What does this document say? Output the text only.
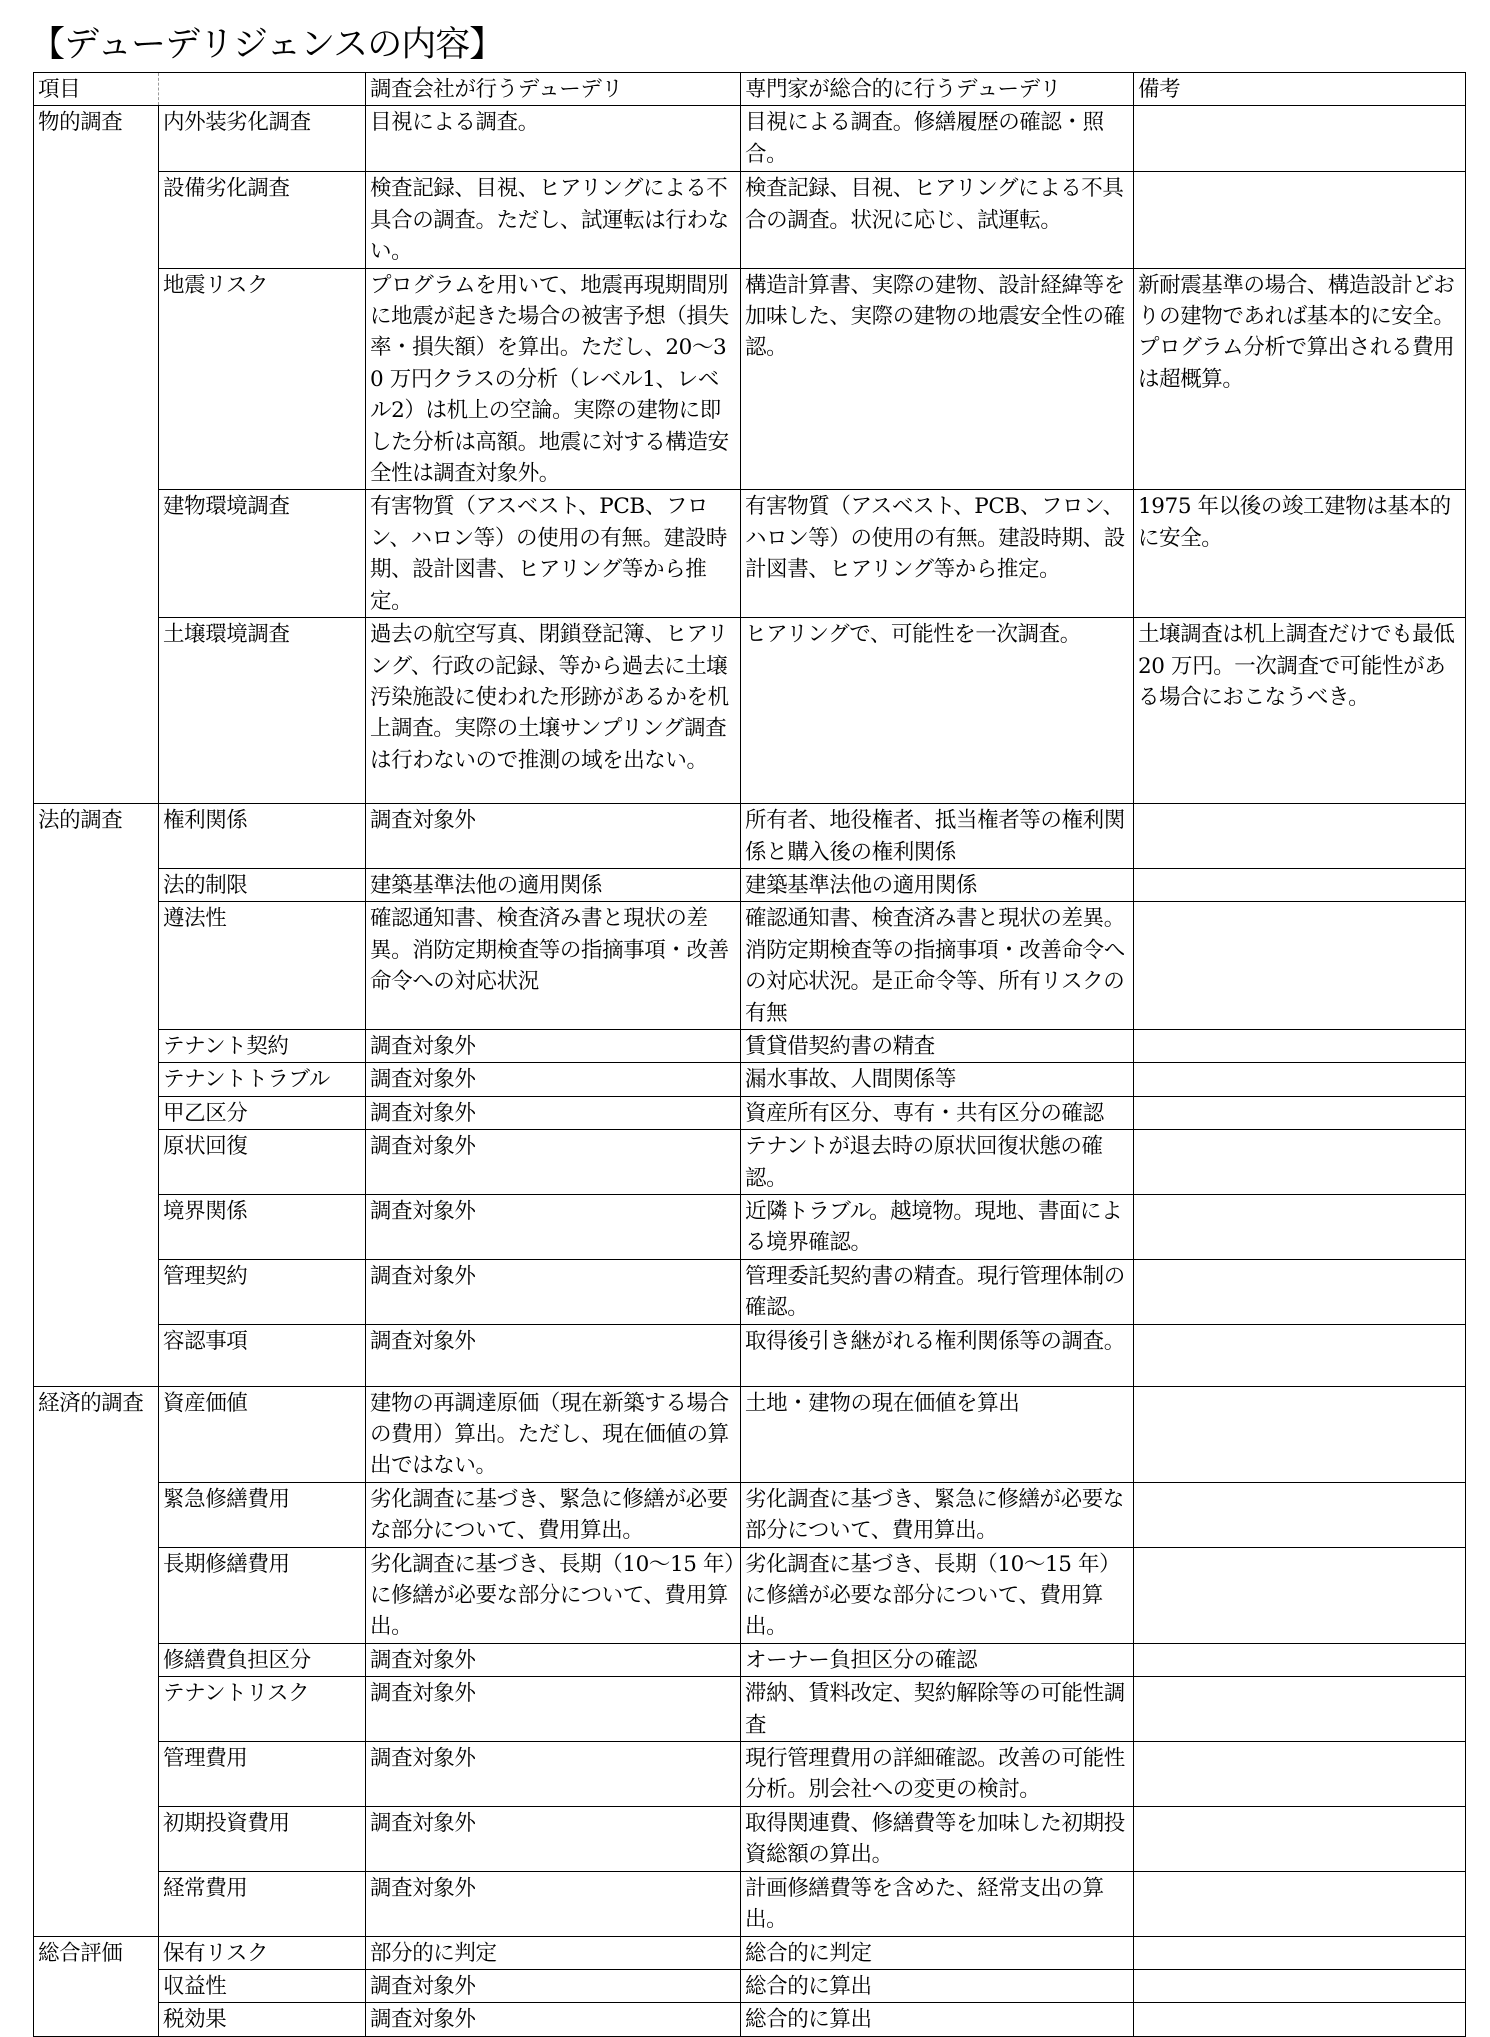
【デューデリジェンスの内容】
項目		調査会社が行うデューデリ	専門家が総合的に行うデューデリ	備考
物的調査	内外装劣化調査	目視による調査。	目視による調査。修繕履歴の確認・照合。	
	設備劣化調査	検査記録、目視、ヒアリングによる不具合の調査。ただし、試運転は行わない。	検査記録、目視、ヒアリングによる不具合の調査。状況に応じ、試運転。	
	地震リスク	プログラムを用いて、地震再現期間別に地震が起きた場合の被害予想（損失率・損失額）を算出。ただし、20～30 万円クラスの分析（レベル1、レベル2）は机上の空論。実際の建物に即した分析は高額。地震に対する構造安全性は調査対象外。	構造計算書、実際の建物、設計経緯等を加味した、実際の建物の地震安全性の確認。	新耐震基準の場合、構造設計どおりの建物であれば基本的に安全。プログラム分析で算出される費用は超概算。
	建物環境調査	有害物質（アスベスト、PCB、フロン、ハロン等）の使用の有無。建設時期、設計図書、ヒアリング等から推定。	有害物質（アスベスト、PCB、フロン、ハロン等）の使用の有無。建設時期、設計図書、ヒアリング等から推定。	1975 年以後の竣工建物は基本的に安全。
	土壌環境調査	過去の航空写真、閉鎖登記簿、ヒアリング、行政の記録、等から過去に土壌汚染施設に使われた形跡があるかを机上調査。実際の土壌サンプリング調査は行わないので推測の域を出ない。	ヒアリングで、可能性を一次調査。	土壌調査は机上調査だけでも最低 20 万円。一次調査で可能性がある場合におこなうべき。
法的調査	権利関係	調査対象外	所有者、地役権者、抵当権者等の権利関係と購入後の権利関係	
	法的制限	建築基準法他の適用関係	建築基準法他の適用関係	
	遵法性	確認通知書、検査済み書と現状の差異。消防定期検査等の指摘事項・改善命令への対応状況	確認通知書、検査済み書と現状の差異。消防定期検査等の指摘事項・改善命令への対応状況。是正命令等、所有リスクの有無	
	テナント契約	調査対象外	賃貸借契約書の精査	
	テナントトラブル	調査対象外	漏水事故、人間関係等	
	甲乙区分	調査対象外	資産所有区分、専有・共有区分の確認	
	原状回復	調査対象外	テナントが退去時の原状回復状態の確認。	
	境界関係	調査対象外	近隣トラブル。越境物。現地、書面による境界確認。	
	管理契約	調査対象外	管理委託契約書の精査。現行管理体制の確認。	
	容認事項	調査対象外	取得後引き継がれる権利関係等の調査。	
経済的調査	資産価値	建物の再調達原価（現在新築する場合の費用）算出。ただし、現在価値の算出ではない。	土地・建物の現在価値を算出	
	緊急修繕費用	劣化調査に基づき、緊急に修繕が必要な部分について、費用算出。	劣化調査に基づき、緊急に修繕が必要な部分について、費用算出。	
	長期修繕費用	劣化調査に基づき、長期（10～15 年）に修繕が必要な部分について、費用算出。	劣化調査に基づき、長期（10～15 年）に修繕が必要な部分について、費用算出。	
	修繕費負担区分	調査対象外	オーナー負担区分の確認	
	テナントリスク	調査対象外	滞納、賃料改定、契約解除等の可能性調査	
	管理費用	調査対象外	現行管理費用の詳細確認。改善の可能性分析。別会社への変更の検討。	
	初期投資費用	調査対象外	取得関連費、修繕費等を加味した初期投資総額の算出。	
	経常費用	調査対象外	計画修繕費等を含めた、経常支出の算出。	
総合評価	保有リスク	部分的に判定	総合的に判定	
	収益性	調査対象外	総合的に算出	
	税効果	調査対象外	総合的に算出	
